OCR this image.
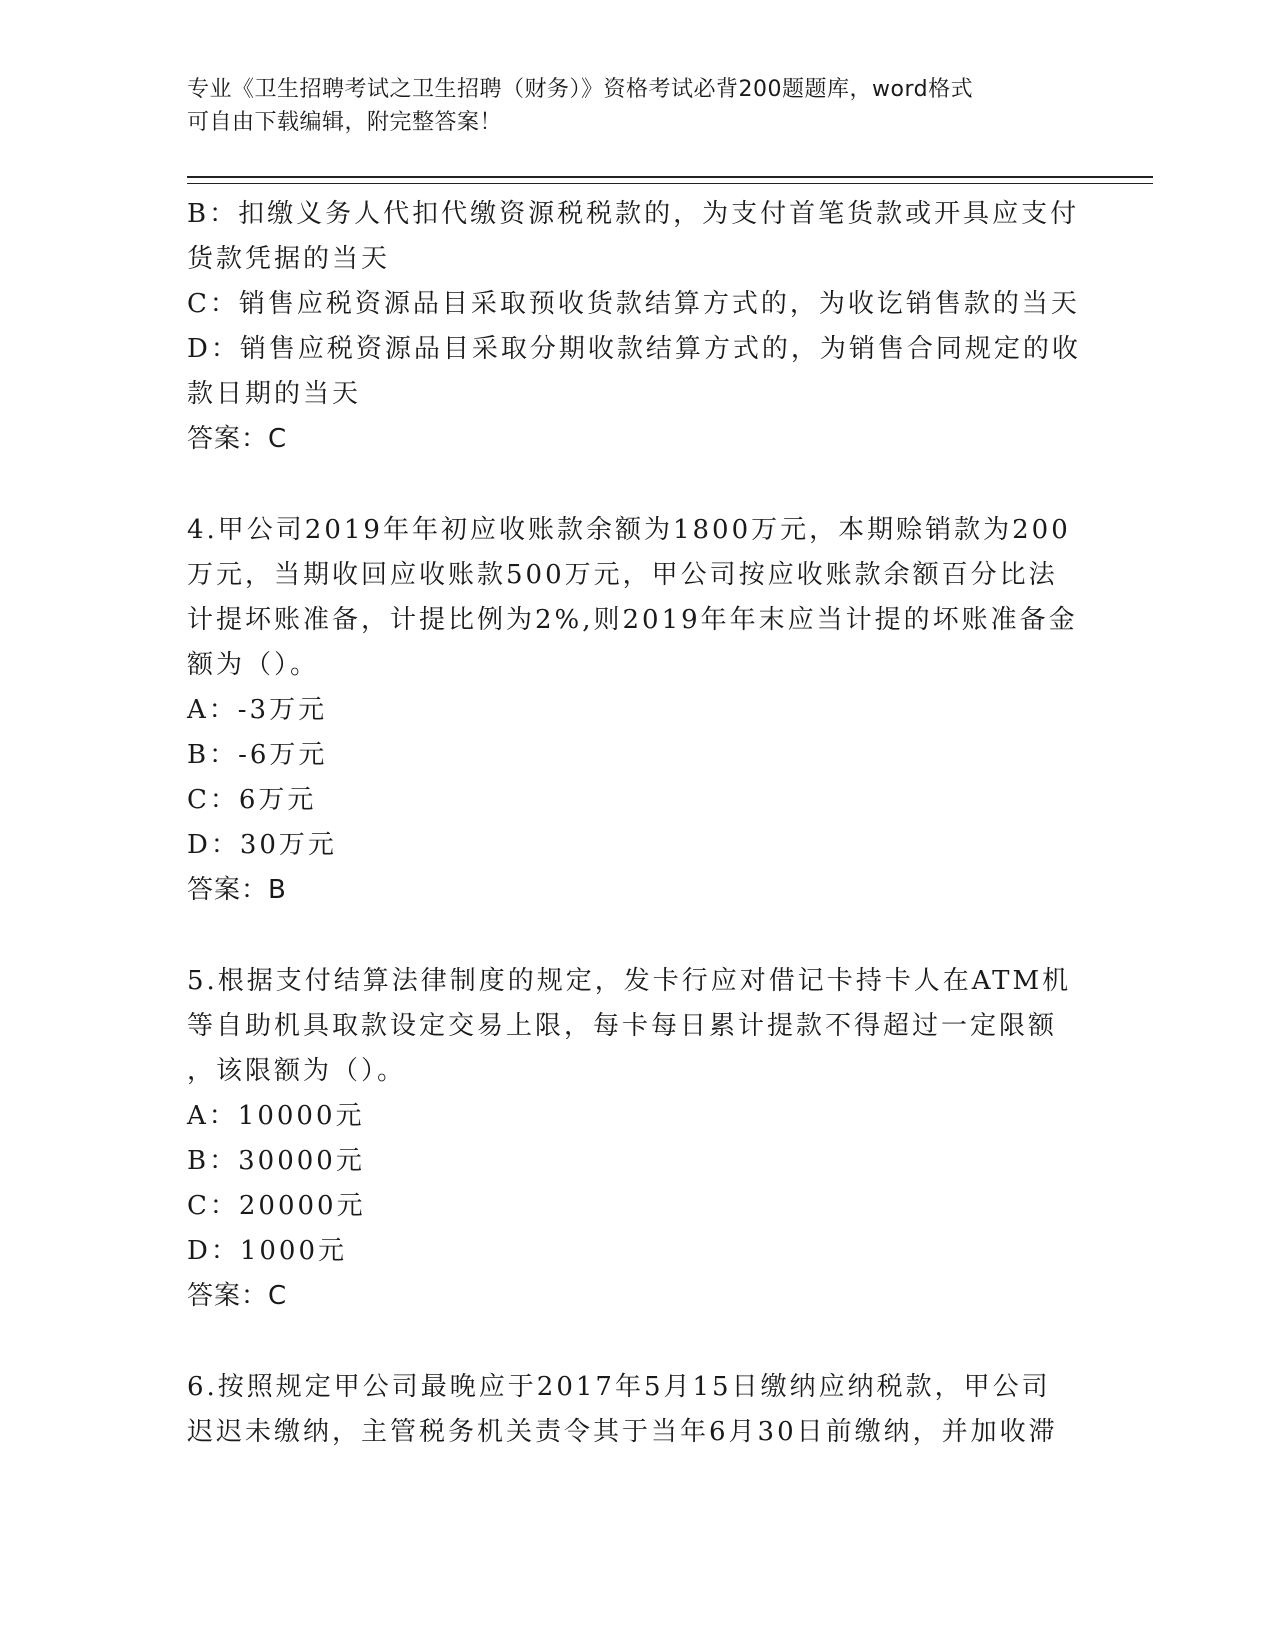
专业《卫生招聘考试之卫生招聘（财务）》资格考试必背200题题库，word格式
可自由下载编辑，附完整答案！
B：扣缴义务人代扣代缴资源税税款的，为支付首笔货款或开具应支付
货款凭据的当天
C：销售应税资源品目采取预收货款结算方式的，为收讫销售款的当天
D：销售应税资源品目采取分期收款结算方式的，为销售合同规定的收
款日期的当天
答案：C
4.甲公司2019年年初应收账款余额为1800万元，本期赊销款为200
万元，当期收回应收账款500万元，甲公司按应收账款余额百分比法
计提坏账准备，计提比例为2%,则2019年年末应当计提的坏账准备金
额为（）。
A：-3万元
B：-6万元
C：6万元
D：30万元
答案：B
5.根据支付结算法律制度的规定，发卡行应对借记卡持卡人在ATM机
等自助机具取款设定交易上限，每卡每日累计提款不得超过一定限额
，该限额为（）。
A：10000元
B：30000元
C：20000元
D：1000元
答案：C
6.按照规定甲公司最晚应于2017年5月15日缴纳应纳税款，甲公司
迟迟未缴纳，主管税务机关责令其于当年6月30日前缴纳，并加收滞
